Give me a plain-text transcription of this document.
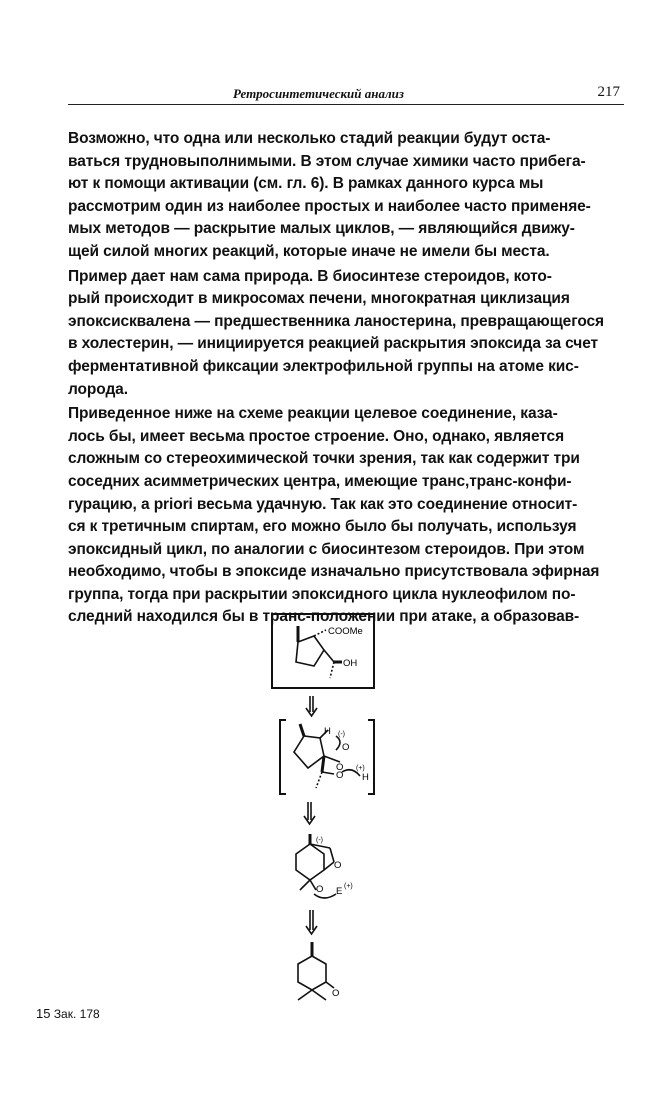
Ретросинтетический анализ	217

Возможно, что одна или несколько стадий реакции будут оста-
ваться трудновыполнимыми. В этом случае химики часто прибега-
ют к помощи активации (см. гл. 6). В рамках данного курса мы
рассмотрим один из наиболее простых и наиболее часто применяе-
мых методов — раскрытие малых циклов, — являющийся движу-
щей силой многих реакций, которые иначе не имели бы места.

Пример дает нам сама природа. В биосинтезе стероидов, кото-
рый происходит в микросомах печени, многократная циклизация
эпоксисквалена — предшественника ланостерина, превращающегося
в холестерин, — инициируется реакцией раскрытия эпоксида за счет
ферментативной фиксации электрофильной группы на атоме кис-
лорода.

Приведенное ниже на схеме реакции целевое соединение, каза-
лось бы, имеет весьма простое строение. Оно, однако, является
сложным со стереохимической точки зрения, так как содержит три
соседних асимметрических центра, имеющие транс,транс-конфи-
гурацию, a priori весьма удачную. Так как это соединение относит-
ся к третичным спиртам, его можно было бы получать, используя
эпоксидный цикл, по аналогии с биосинтезом стероидов. При этом
необходимо, чтобы в эпоксиде изначально присутствовала эфирная
группа, тогда при раскрытии эпоксидного цикла нуклеофилом по-
следний находился бы в транс-положении при атаке, а образовав-

COOMe
OH
H (-)
O
O
O
(+)
H
(-)
O
O E (+)
O
15 Зак. 178
